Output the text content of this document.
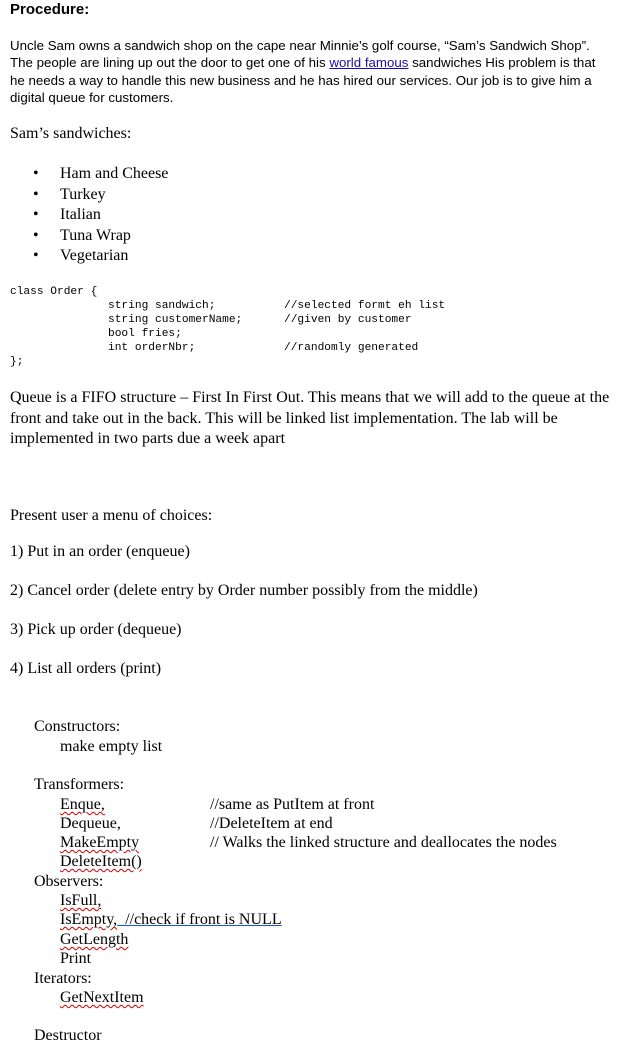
Procedure:
Uncle Sam owns a sandwich shop on the cape near Minnie’s golf course, “Sam’s Sandwich Shop”. The people are lining up out the door to get one of his world famous sandwiches His problem is that he needs a way to handle this new business and he has hired our services. Our job is to give him a digital queue for customers.
Sam’s sandwiches:
• Ham and Cheese
• Turkey
• Italian
• Tuna Wrap
• Vegetarian
class Order {
string sandwich;	//selected formt eh list
string customerName;	//given by customer
bool fries;
int orderNbr;	//randomly generated
};
Queue is a FIFO structure – First In First Out. This means that we will add to the queue at the front and take out in the back. This will be linked list implementation. The lab will be implemented in two parts due a week apart
Present user a menu of choices:
1) Put in an order (enqueue)
2) Cancel order (delete entry by Order number possibly from the middle)
3) Pick up order (dequeue)
4) List all orders (print)
Constructors:
make empty list
Transformers:
Enque,	//same as PutItem at front
Dequeue,	//DeleteItem at end
MakeEmpty	// Walks the linked structure and deallocates the nodes
DeleteItem()
Observers:
IsFull,
IsEmpty,  //check if front is NULL
GetLength
Print
Iterators:
GetNextItem
Destructor
